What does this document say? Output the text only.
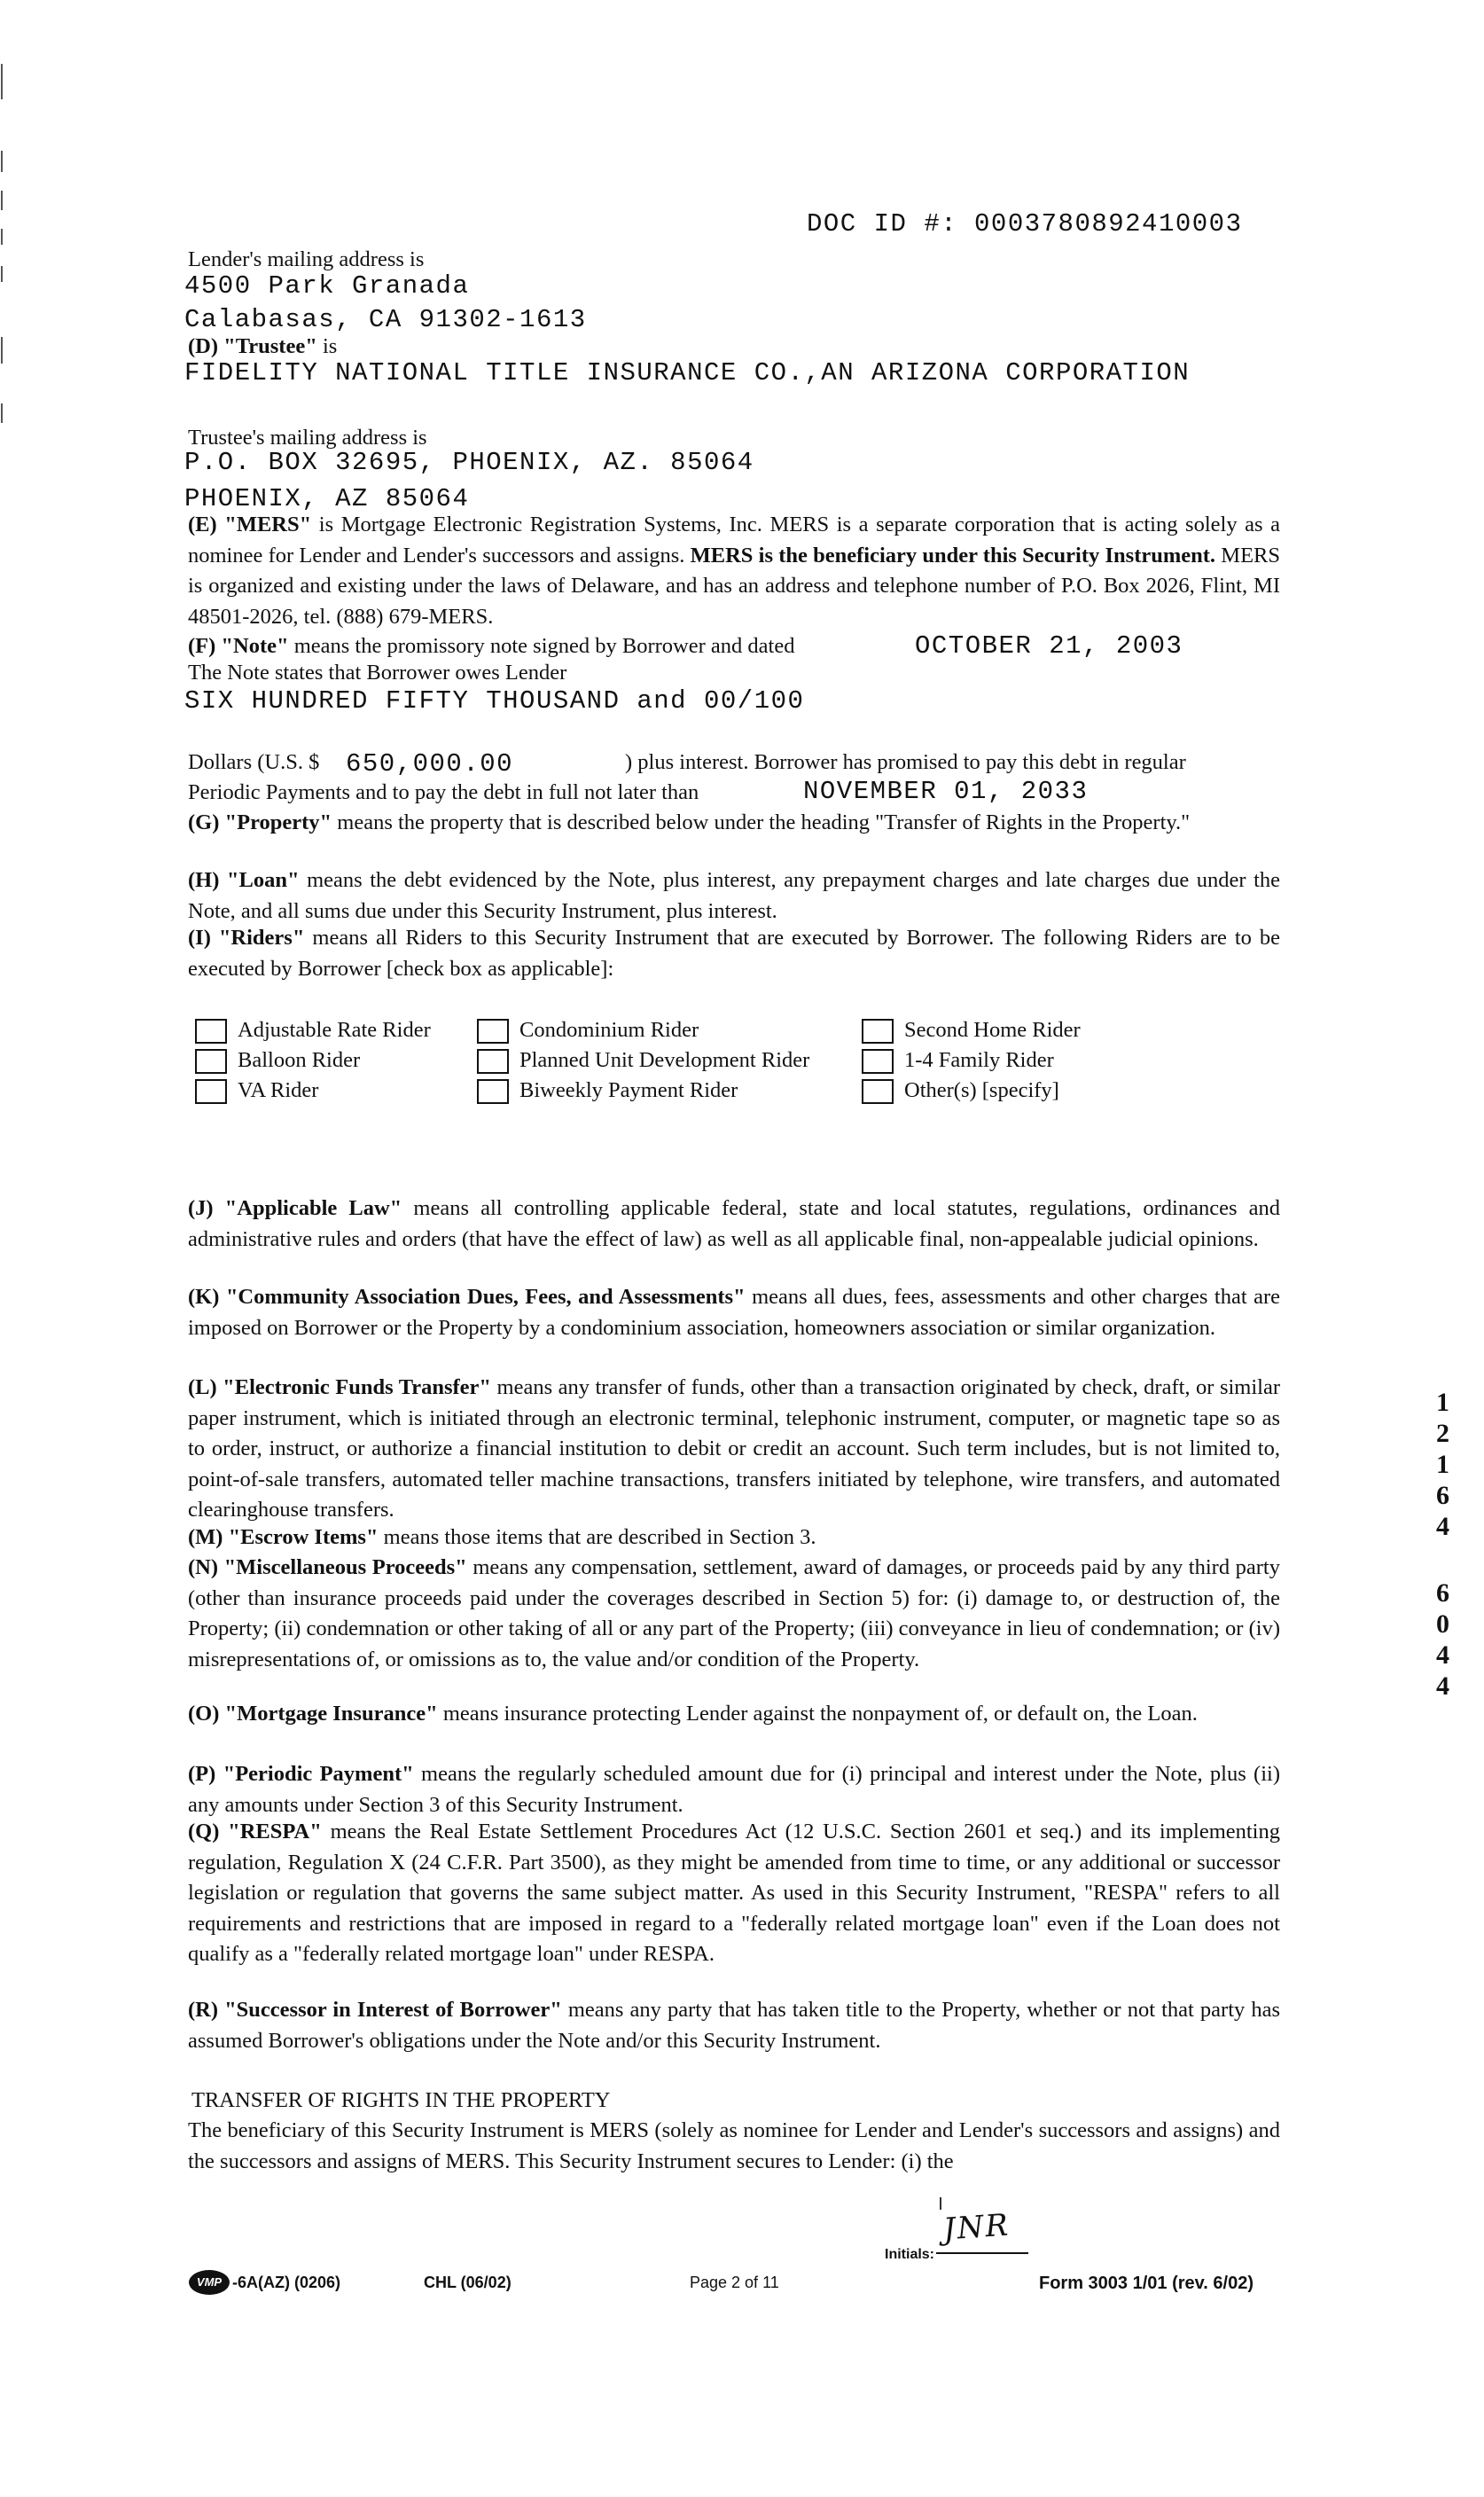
DOC ID #: 0003780892410003
Lender's mailing address is
4500 Park Granada
Calabasas, CA 91302-1613
(D) "Trustee" is
FIDELITY NATIONAL TITLE INSURANCE CO.,AN ARIZONA CORPORATION
Trustee's mailing address is
P.O. BOX 32695, PHOENIX, AZ. 85064
PHOENIX, AZ 85064
(E) "MERS" is Mortgage Electronic Registration Systems, Inc. MERS is a separate corporation that is acting solely as a nominee for Lender and Lender's successors and assigns. MERS is the beneficiary under this Security Instrument. MERS is organized and existing under the laws of Delaware, and has an address and telephone number of P.O. Box 2026, Flint, MI 48501-2026, tel. (888) 679-MERS.
(F) "Note" means the promissory note signed by Borrower and dated	OCTOBER 21, 2003
The Note states that Borrower owes Lender
SIX HUNDRED FIFTY THOUSAND and 00/100
Dollars (U.S. $ 650,000.00	) plus interest. Borrower has promised to pay this debt in regular
Periodic Payments and to pay the debt in full not later than	NOVEMBER 01, 2033
(G) "Property" means the property that is described below under the heading "Transfer of Rights in the Property."
(H) "Loan" means the debt evidenced by the Note, plus interest, any prepayment charges and late charges due under the Note, and all sums due under this Security Instrument, plus interest.
(I) "Riders" means all Riders to this Security Instrument that are executed by Borrower. The following Riders are to be executed by Borrower [check box as applicable]:
Adjustable Rate Rider	Condominium Rider	Second Home Rider
Balloon Rider	Planned Unit Development Rider	1-4 Family Rider
VA Rider	Biweekly Payment Rider	Other(s) [specify]
(J) "Applicable Law" means all controlling applicable federal, state and local statutes, regulations, ordinances and administrative rules and orders (that have the effect of law) as well as all applicable final, non-appealable judicial opinions.
(K) "Community Association Dues, Fees, and Assessments" means all dues, fees, assessments and other charges that are imposed on Borrower or the Property by a condominium association, homeowners association or similar organization.
(L) "Electronic Funds Transfer" means any transfer of funds, other than a transaction originated by check, draft, or similar paper instrument, which is initiated through an electronic terminal, telephonic instrument, computer, or magnetic tape so as to order, instruct, or authorize a financial institution to debit or credit an account. Such term includes, but is not limited to, point-of-sale transfers, automated teller machine transactions, transfers initiated by telephone, wire transfers, and automated clearinghouse transfers.
(M) "Escrow Items" means those items that are described in Section 3.
(N) "Miscellaneous Proceeds" means any compensation, settlement, award of damages, or proceeds paid by any third party (other than insurance proceeds paid under the coverages described in Section 5) for: (i) damage to, or destruction of, the Property; (ii) condemnation or other taking of all or any part of the Property; (iii) conveyance in lieu of condemnation; or (iv) misrepresentations of, or omissions as to, the value and/or condition of the Property.
(O) "Mortgage Insurance" means insurance protecting Lender against the nonpayment of, or default on, the Loan.
(P) "Periodic Payment" means the regularly scheduled amount due for (i) principal and interest under the Note, plus (ii) any amounts under Section 3 of this Security Instrument.
(Q) "RESPA" means the Real Estate Settlement Procedures Act (12 U.S.C. Section 2601 et seq.) and its implementing regulation, Regulation X (24 C.F.R. Part 3500), as they might be amended from time to time, or any additional or successor legislation or regulation that governs the same subject matter. As used in this Security Instrument, "RESPA" refers to all requirements and restrictions that are imposed in regard to a "federally related mortgage loan" even if the Loan does not qualify as a "federally related mortgage loan" under RESPA.
(R) "Successor in Interest of Borrower" means any party that has taken title to the Property, whether or not that party has assumed Borrower's obligations under the Note and/or this Security Instrument.
TRANSFER OF RIGHTS IN THE PROPERTY
The beneficiary of this Security Instrument is MERS (solely as nominee for Lender and Lender's successors and assigns) and the successors and assigns of MERS. This Security Instrument secures to Lender: (i) the
1
2
1
6
4
6
0
4
4
Initials:
JNR
VMP -6A(AZ) (0206)	CHL (06/02)	Page 2 of 11	Form 3003 1/01 (rev. 6/02)
